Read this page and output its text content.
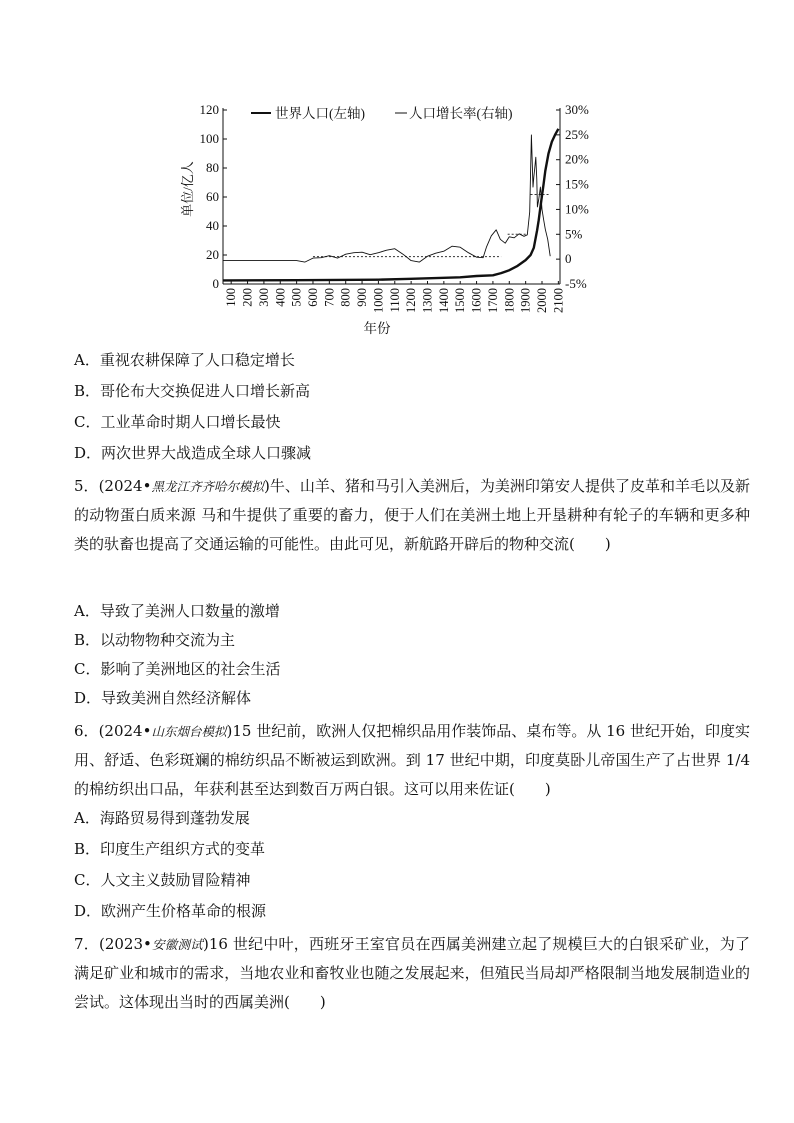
0
20
40
60
80
100
120
-5%
0
5%
10%
15%
20%
25%
30%
100 200 300 400 500 600 700 800 900 1000 1100 1200 1300 1400 1500 1600 1700 1800 1900 2000 2100
世界人口(左轴)	人口增长率(右轴)
单位/亿人
年份
A．重视农耕保障了人口稳定增长
B．哥伦布大交换促进人口增长新高
C．工业革命时期人口增长最快
D．两次世界大战造成全球人口骤减
5．(2024•黑龙江齐齐哈尔模拟)牛、山羊、猪和马引入美洲后，为美洲印第安人提供了皮革和羊毛以及新的动物蛋白质来源 马和牛提供了重要的畜力，便于人们在美洲土地上开垦耕种有轮子的车辆和更多种类的驮畜也提高了交通运输的可能性。由此可见，新航路开辟后的物种交流(　　)
A．导致了美洲人口数量的激增
B．以动物物种交流为主
C．影响了美洲地区的社会生活
D．导致美洲自然经济解体
6．(2024•山东烟台模拟)15 世纪前，欧洲人仅把棉织品用作装饰品、桌布等。从 16 世纪开始，印度实用、舒适、色彩斑斓的棉纺织品不断被运到欧洲。到 17 世纪中期，印度莫卧儿帝国生产了占世界 1/4 的棉纺织出口品，年获利甚至达到数百万两白银。这可以用来佐证(　　)
A．海路贸易得到蓬勃发展
B．印度生产组织方式的变革
C．人文主义鼓励冒险精神
D．欧洲产生价格革命的根源
7．(2023•安徽测试)16 世纪中叶，西班牙王室官员在西属美洲建立起了规模巨大的白银采矿业，为了满足矿业和城市的需求，当地农业和畜牧业也随之发展起来，但殖民当局却严格限制当地发展制造业的尝试。这体现出当时的西属美洲(　　)
